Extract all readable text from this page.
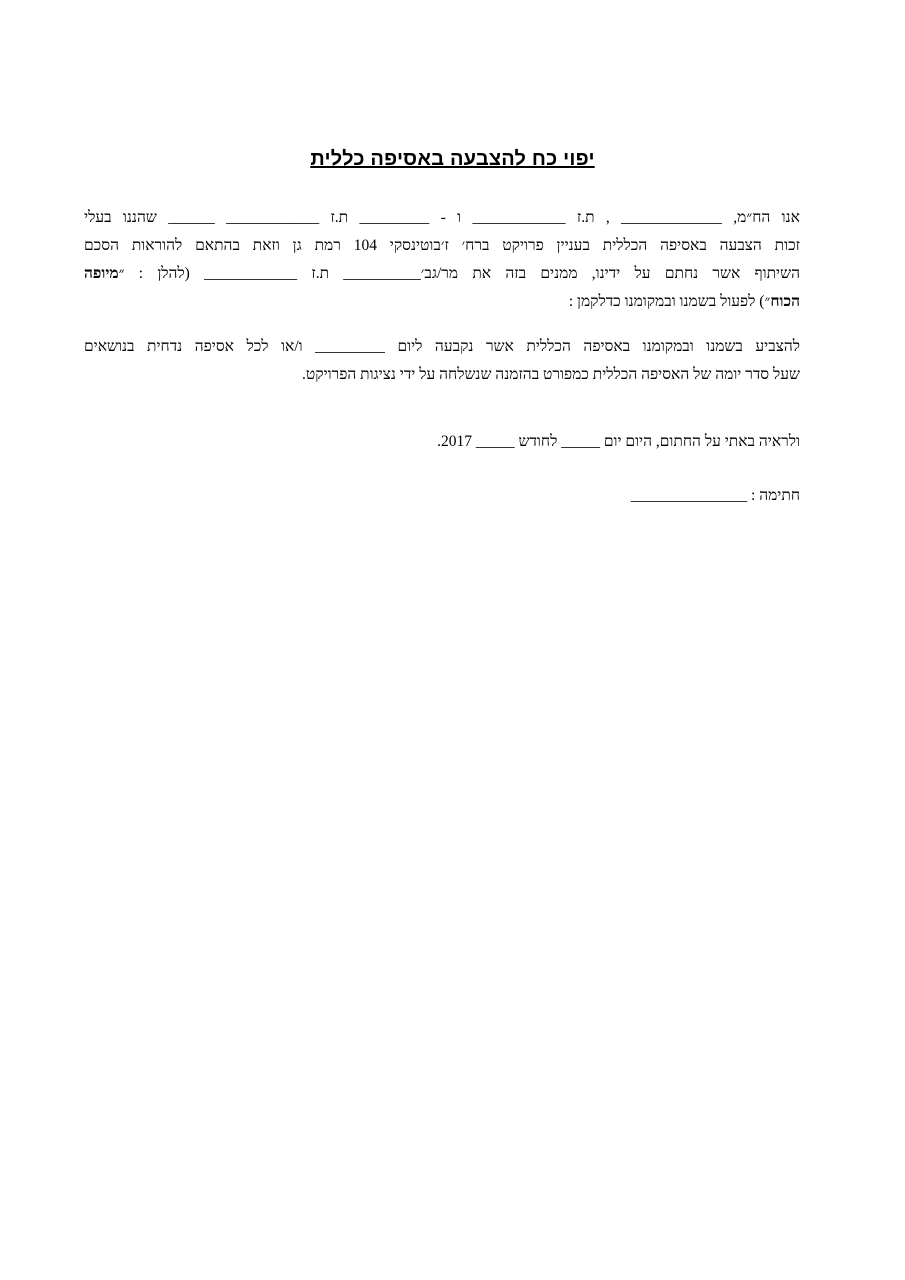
יפוי כח להצבעה באסיפה כללית
אנו הח״מ, _____________ , ת.ז ____________ ו - _________ ת.ז ____________ ______ שהננו בעלי
זכות הצבעה באסיפה הכללית בעניין פרויקט ברח׳ ז׳בוטינסקי 104 רמת גן וזאת בהתאם להוראות הסכם
השיתוף אשר נחתם על ידינו, ממנים בזה את מר/גב׳__________ ת.ז ____________ (להלן : ״מיופה
הכוח״) לפעול בשמנו ובמקומנו כדלקמן :
להצביע בשמנו ובמקומנו באסיפה הכללית אשר נקבעה ליום _________ ו/או לכל אסיפה נדחית בנושאים
שעל סדר יומה של האסיפה הכללית כמפורט בהזמנה שנשלחה על ידי נציגות הפרויקט.
ולראיה באתי על החתום, היום יום _____ לחודש _____ 2017.
חתימה : _______________
